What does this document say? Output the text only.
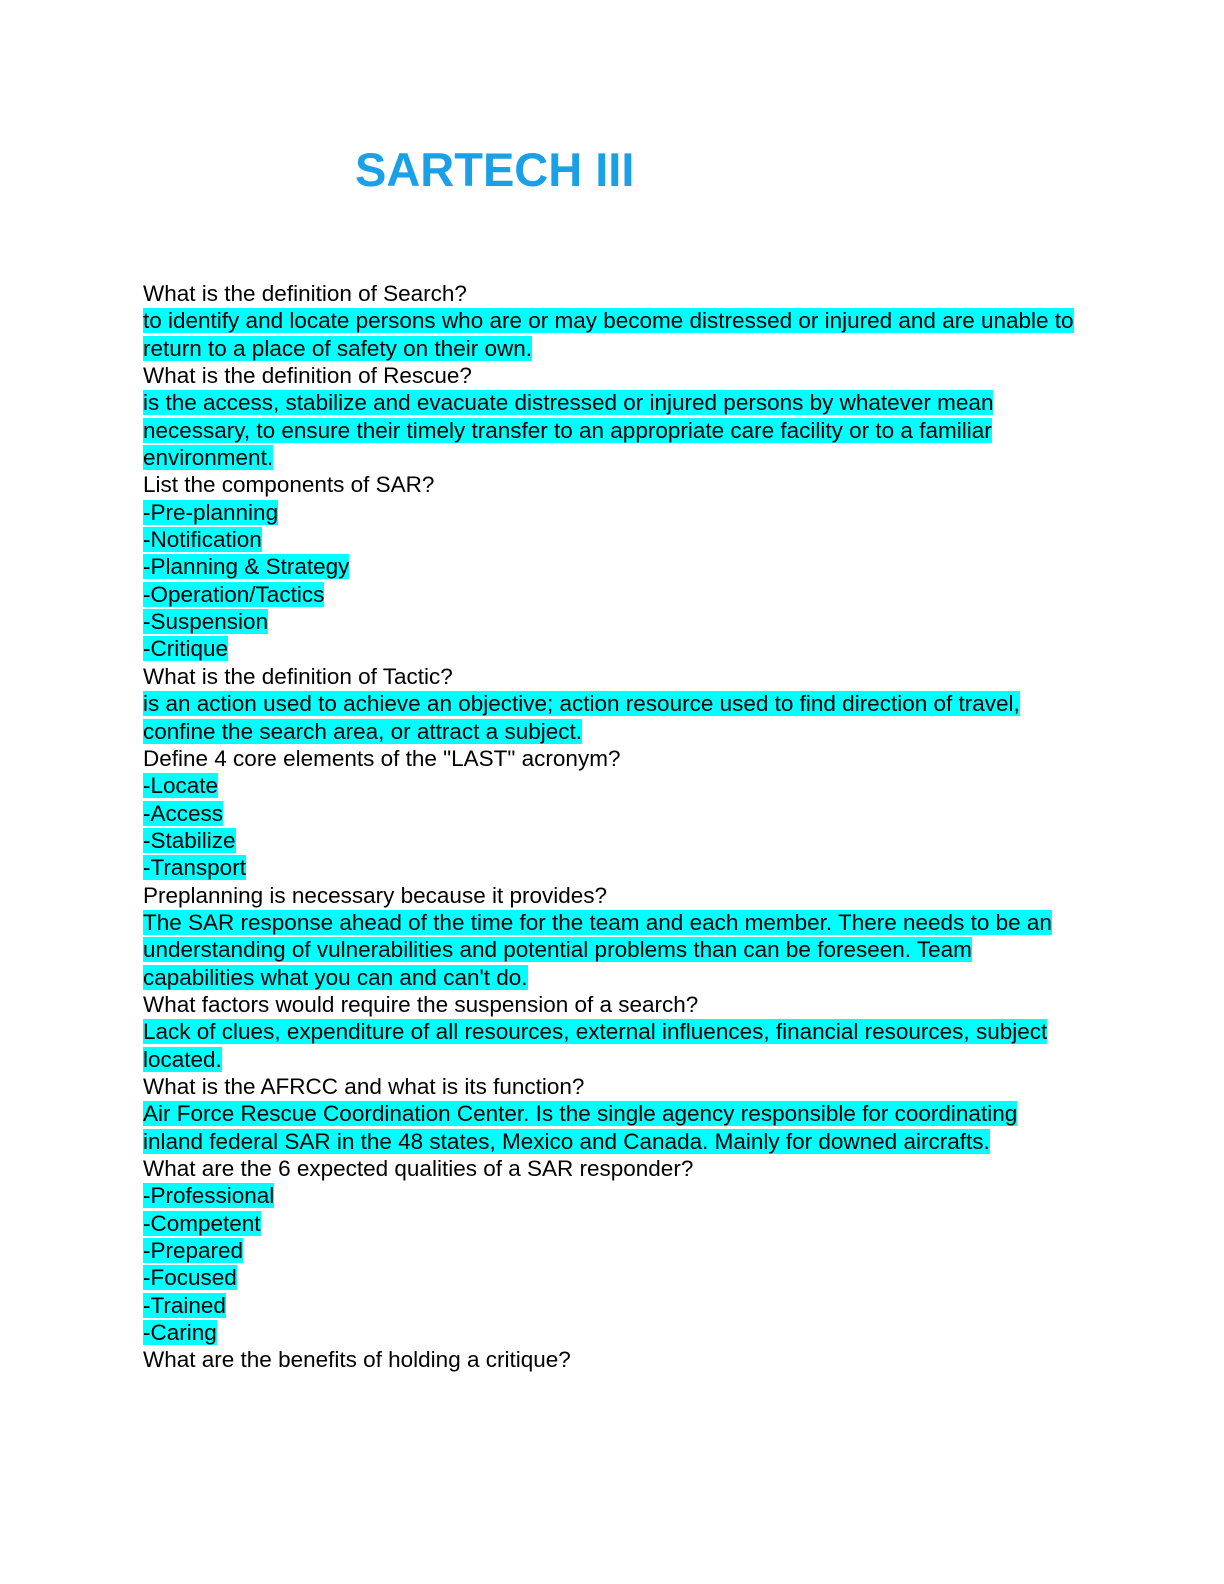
SARTECH III
What is the definition of Search?
to identify and locate persons who are or may become distressed or injured and are unable to return to a place of safety on their own.
What is the definition of Rescue?
is the access, stabilize and evacuate distressed or injured persons by whatever mean necessary, to ensure their timely transfer to an appropriate care facility or to a familiar environment.
List the components of SAR?
-Pre-planning
-Notification
-Planning & Strategy
-Operation/Tactics
-Suspension
-Critique
What is the definition of Tactic?
is an action used to achieve an objective; action resource used to find direction of travel, confine the search area, or attract a subject.
Define 4 core elements of the "LAST" acronym?
-Locate
-Access
-Stabilize
-Transport
Preplanning is necessary because it provides?
The SAR response ahead of the time for the team and each member. There needs to be an understanding of vulnerabilities and potential problems than can be foreseen. Team capabilities what you can and can't do.
What factors would require the suspension of a search?
Lack of clues, expenditure of all resources, external influences, financial resources, subject located.
What is the AFRCC and what is its function?
Air Force Rescue Coordination Center. Is the single agency responsible for coordinating inland federal SAR in the 48 states, Mexico and Canada. Mainly for downed aircrafts.
What are the 6 expected qualities of a SAR responder?
-Professional
-Competent
-Prepared
-Focused
-Trained
-Caring
What are the benefits of holding a critique?
